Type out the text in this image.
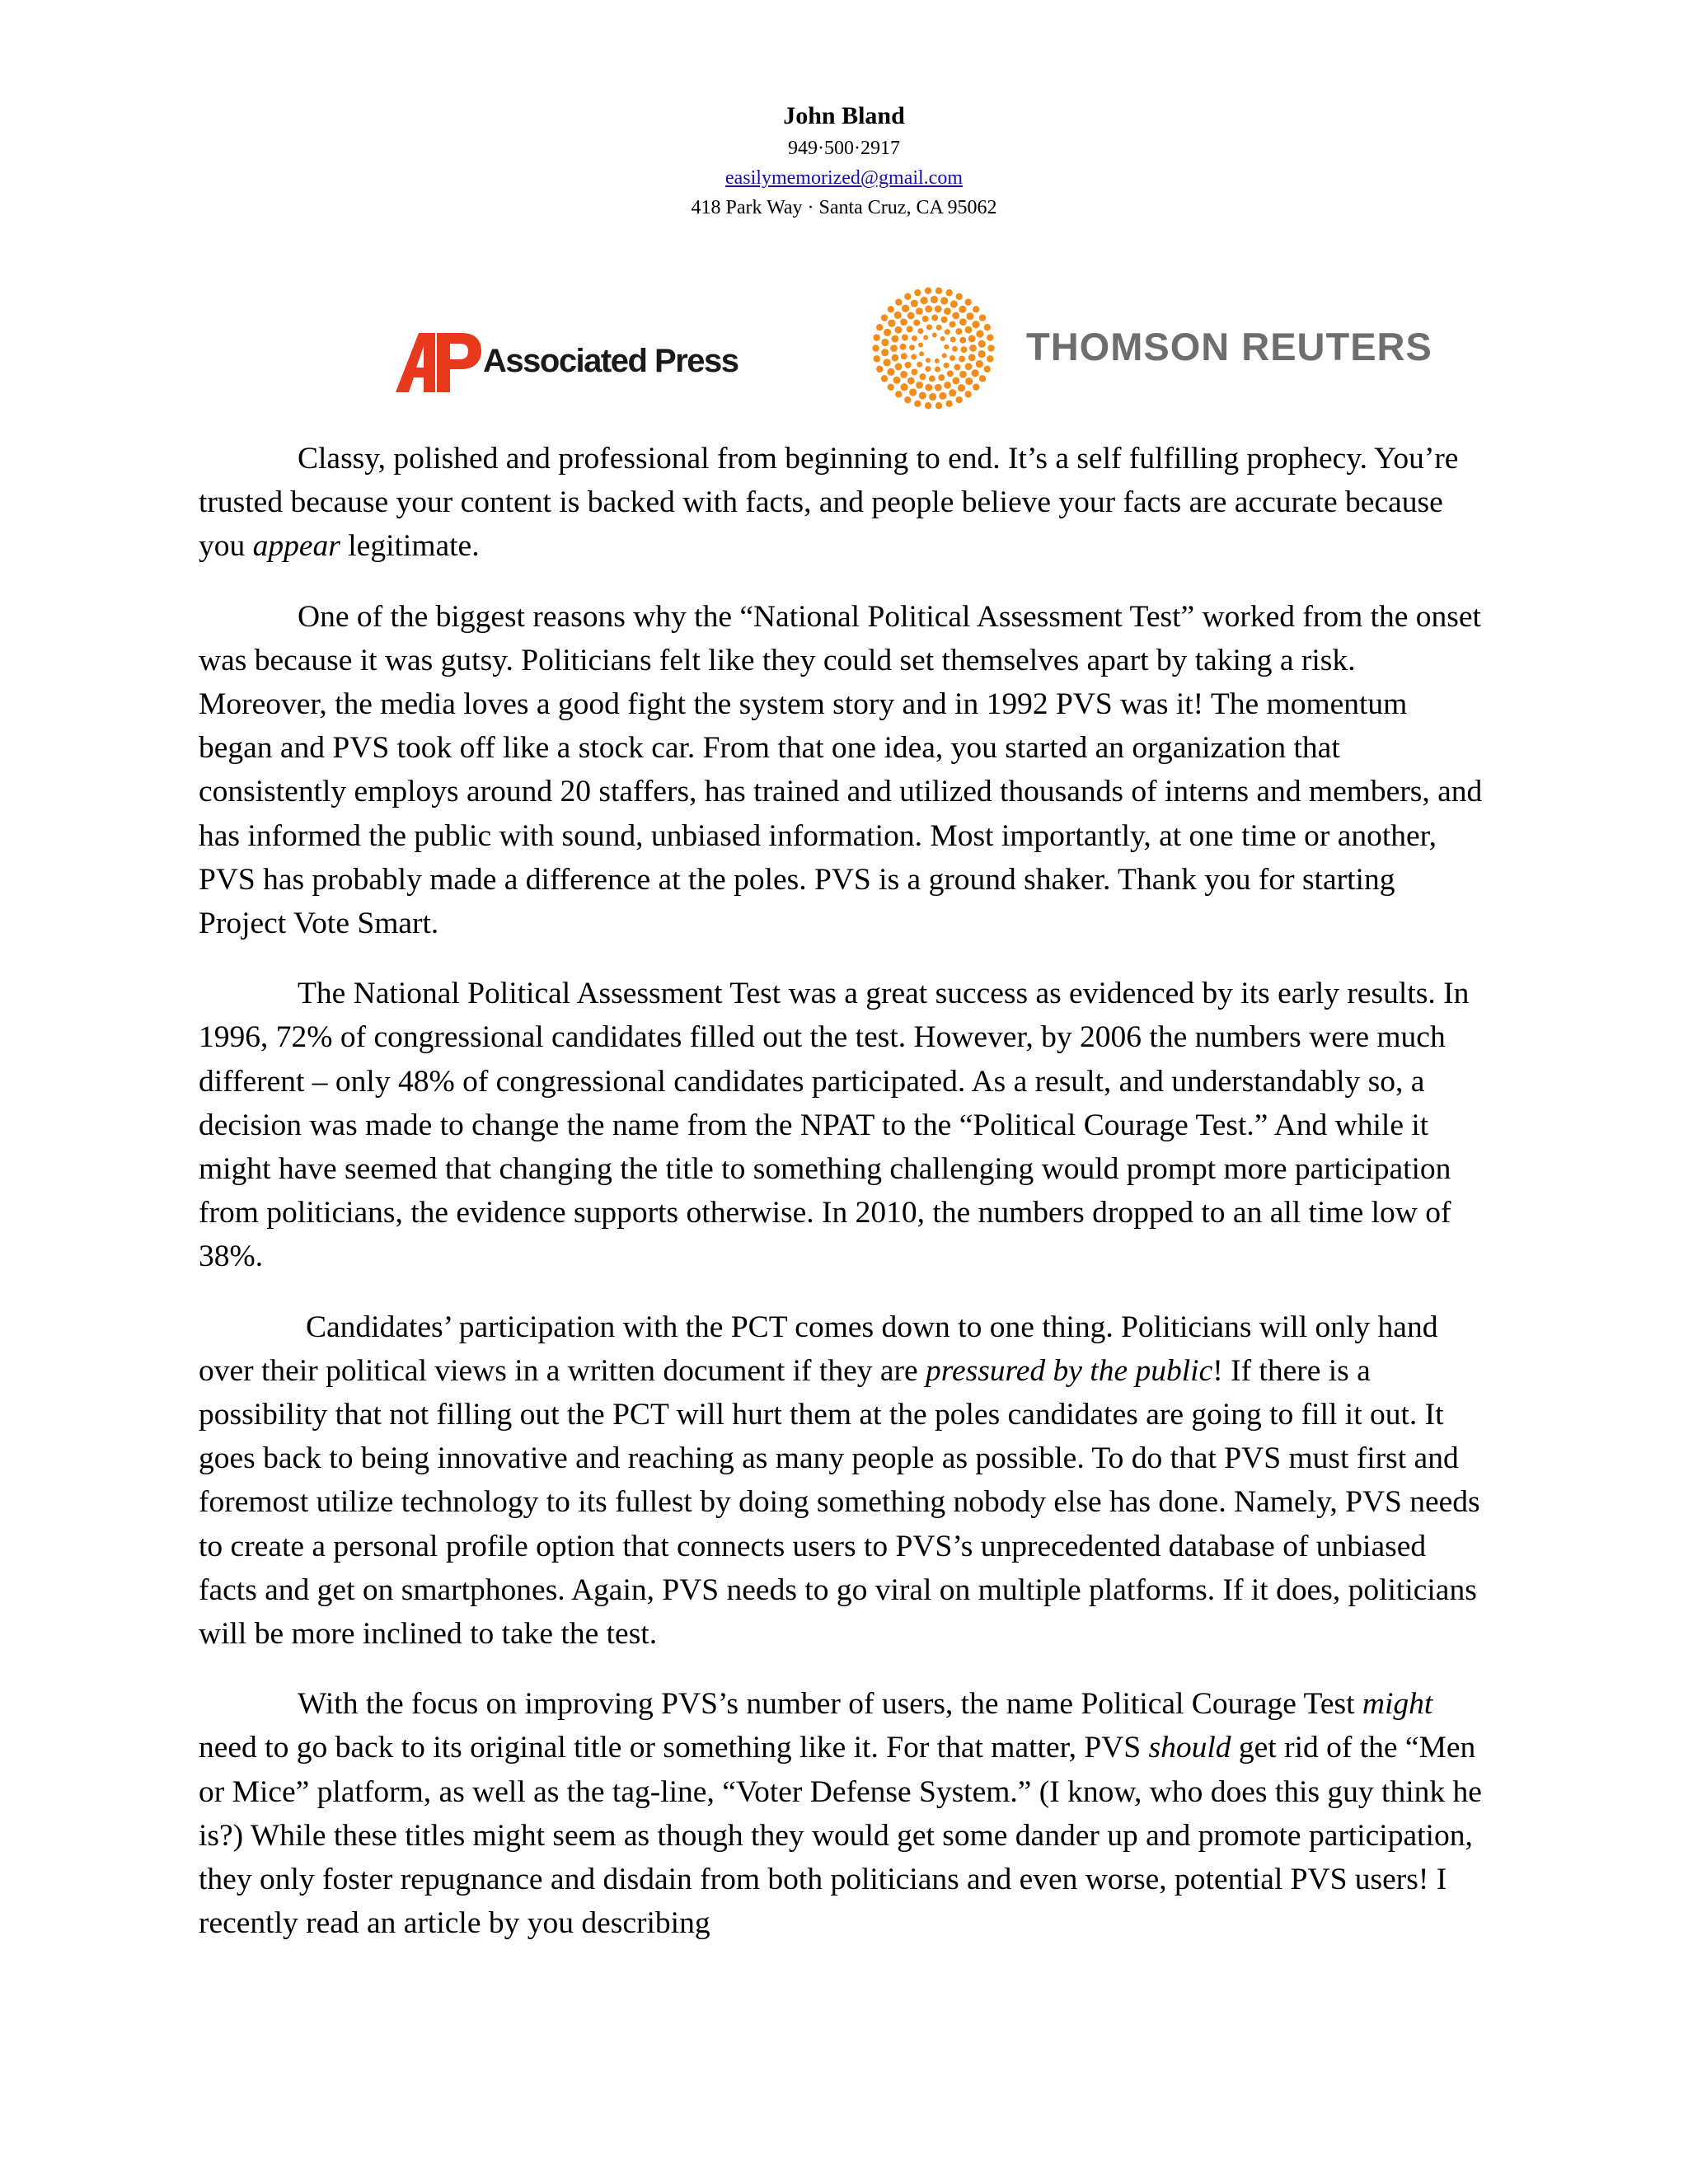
John Bland
949·500·2917
easilymemorized@gmail.com
418 Park Way · Santa Cruz, CA 95062
Associated Press	THOMSON REUTERS

Classy, polished and professional from beginning to end. It’s a self fulfilling prophecy. You’re trusted because your content is backed with facts, and people believe your facts are accurate because you appear legitimate.

One of the biggest reasons why the “National Political Assessment Test” worked from the onset was because it was gutsy. Politicians felt like they could set themselves apart by taking a risk. Moreover, the media loves a good fight the system story and in 1992 PVS was it! The momentum began and PVS took off like a stock car. From that one idea, you started an organization that consistently employs around 20 staffers, has trained and utilized thousands of interns and members, and has informed the public with sound, unbiased information. Most importantly, at one time or another, PVS has probably made a difference at the poles. PVS is a ground shaker. Thank you for starting Project Vote Smart.

The National Political Assessment Test was a great success as evidenced by its early results. In 1996, 72% of congressional candidates filled out the test. However, by 2006 the numbers were much different – only 48% of congressional candidates participated. As a result, and understandably so, a decision was made to change the name from the NPAT to the “Political Courage Test.” And while it might have seemed that changing the title to something challenging would prompt more participation from politicians, the evidence supports otherwise. In 2010, the numbers dropped to an all time low of 38%.

Candidates’ participation with the PCT comes down to one thing. Politicians will only hand over their political views in a written document if they are pressured by the public! If there is a possibility that not filling out the PCT will hurt them at the poles candidates are going to fill it out. It goes back to being innovative and reaching as many people as possible. To do that PVS must first and foremost utilize technology to its fullest by doing something nobody else has done. Namely, PVS needs to create a personal profile option that connects users to PVS’s unprecedented database of unbiased facts and get on smartphones. Again, PVS needs to go viral on multiple platforms. If it does, politicians will be more inclined to take the test.

With the focus on improving PVS’s number of users, the name Political Courage Test might need to go back to its original title or something like it. For that matter, PVS should get rid of the “Men or Mice” platform, as well as the tag-line, “Voter Defense System.” (I know, who does this guy think he is?) While these titles might seem as though they would get some dander up and promote participation, they only foster repugnance and disdain from both politicians and even worse, potential PVS users! I recently read an article by you describing
